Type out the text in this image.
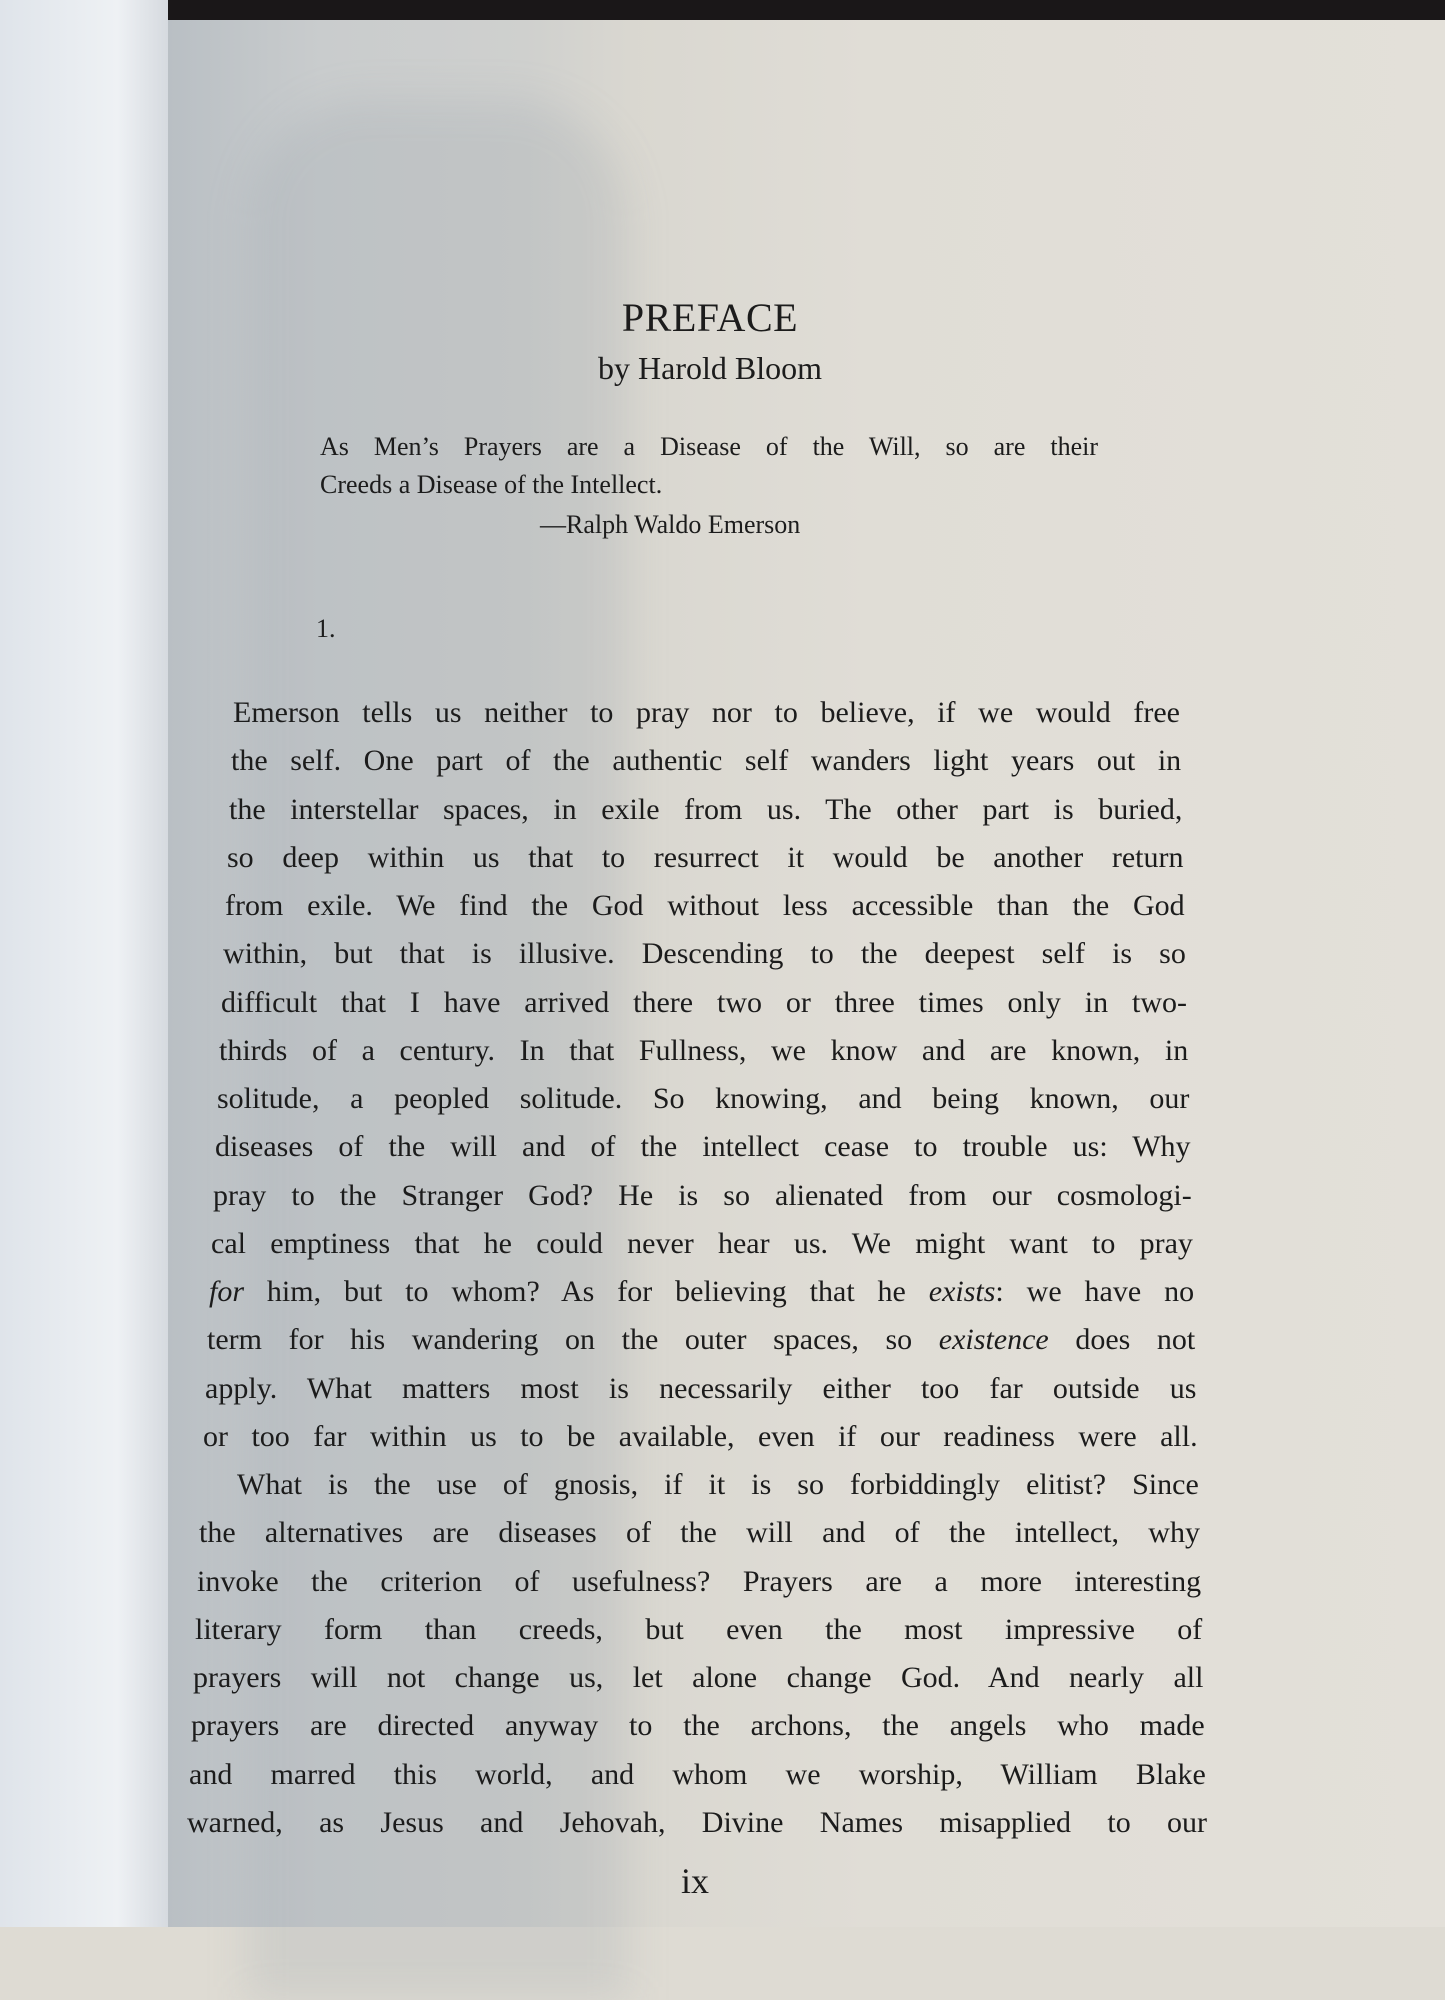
PREFACE
by Harold Bloom
As Men’s Prayers are a Disease of the Will, so are their
Creeds a Disease of the Intellect.
—Ralph Waldo Emerson
1.
Emerson tells us neither to pray nor to believe, if we would free
the self. One part of the authentic self wanders light years out in
the interstellar spaces, in exile from us. The other part is buried,
so deep within us that to resurrect it would be another return
from exile. We find the God without less accessible than the God
within, but that is illusive. Descending to the deepest self is so
difficult that I have arrived there two or three times only in two-
thirds of a century. In that Fullness, we know and are known, in
solitude, a peopled solitude. So knowing, and being known, our
diseases of the will and of the intellect cease to trouble us: Why
pray to the Stranger God? He is so alienated from our cosmologi-
cal emptiness that he could never hear us. We might want to pray
for him, but to whom? As for believing that he exists: we have no
term for his wandering on the outer spaces, so existence does not
apply. What matters most is necessarily either too far outside us
or too far within us to be available, even if our readiness were all.
What is the use of gnosis, if it is so forbiddingly elitist? Since
the alternatives are diseases of the will and of the intellect, why
invoke the criterion of usefulness? Prayers are a more interesting
literary form than creeds, but even the most impressive of
prayers will not change us, let alone change God. And nearly all
prayers are directed anyway to the archons, the angels who made
and marred this world, and whom we worship, William Blake
warned, as Jesus and Jehovah, Divine Names misapplied to our
ix
